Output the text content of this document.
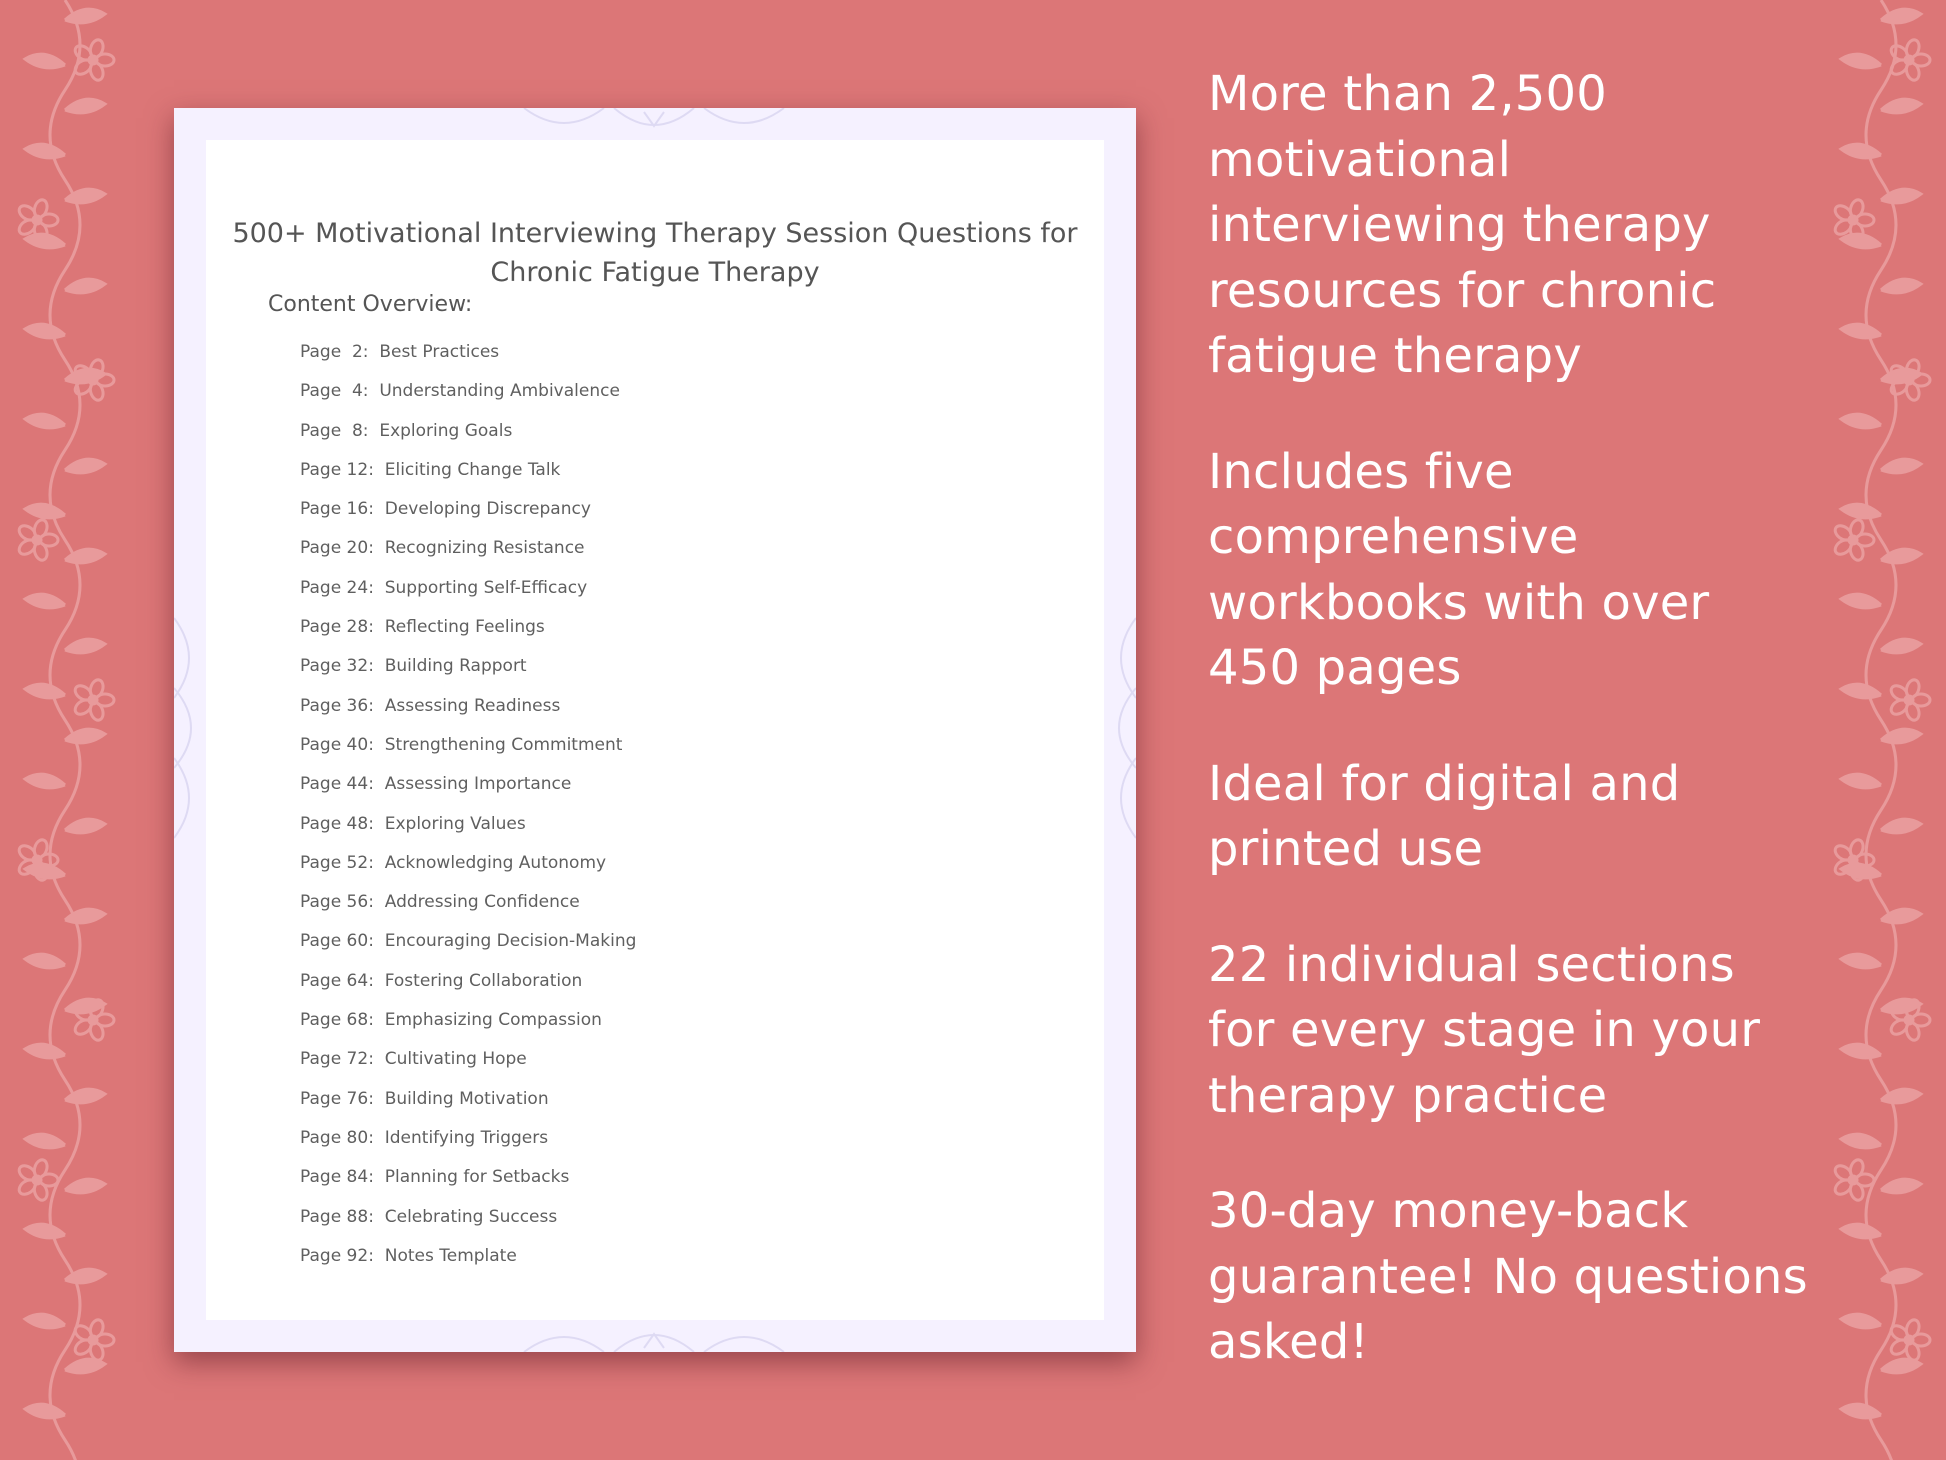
500+ Motivational Interviewing Therapy Session Questions for
Chronic Fatigue Therapy
Content Overview:
Page  2: Best Practices
Page  4: Understanding Ambivalence
Page  8: Exploring Goals
Page 12: Eliciting Change Talk
Page 16: Developing Discrepancy
Page 20: Recognizing Resistance
Page 24: Supporting Self-Efficacy
Page 28: Reflecting Feelings
Page 32: Building Rapport
Page 36: Assessing Readiness
Page 40: Strengthening Commitment
Page 44: Assessing Importance
Page 48: Exploring Values
Page 52: Acknowledging Autonomy
Page 56: Addressing Confidence
Page 60: Encouraging Decision-Making
Page 64: Fostering Collaboration
Page 68: Emphasizing Compassion
Page 72: Cultivating Hope
Page 76: Building Motivation
Page 80: Identifying Triggers
Page 84: Planning for Setbacks
Page 88: Celebrating Success
Page 92: Notes Template

More than 2,500 motivational interviewing therapy resources for chronic fatigue therapy

Includes five comprehensive workbooks with over 450 pages

Ideal for digital and printed use

22 individual sections for every stage in your therapy practice

30-day money-back guarantee! No questions asked!
